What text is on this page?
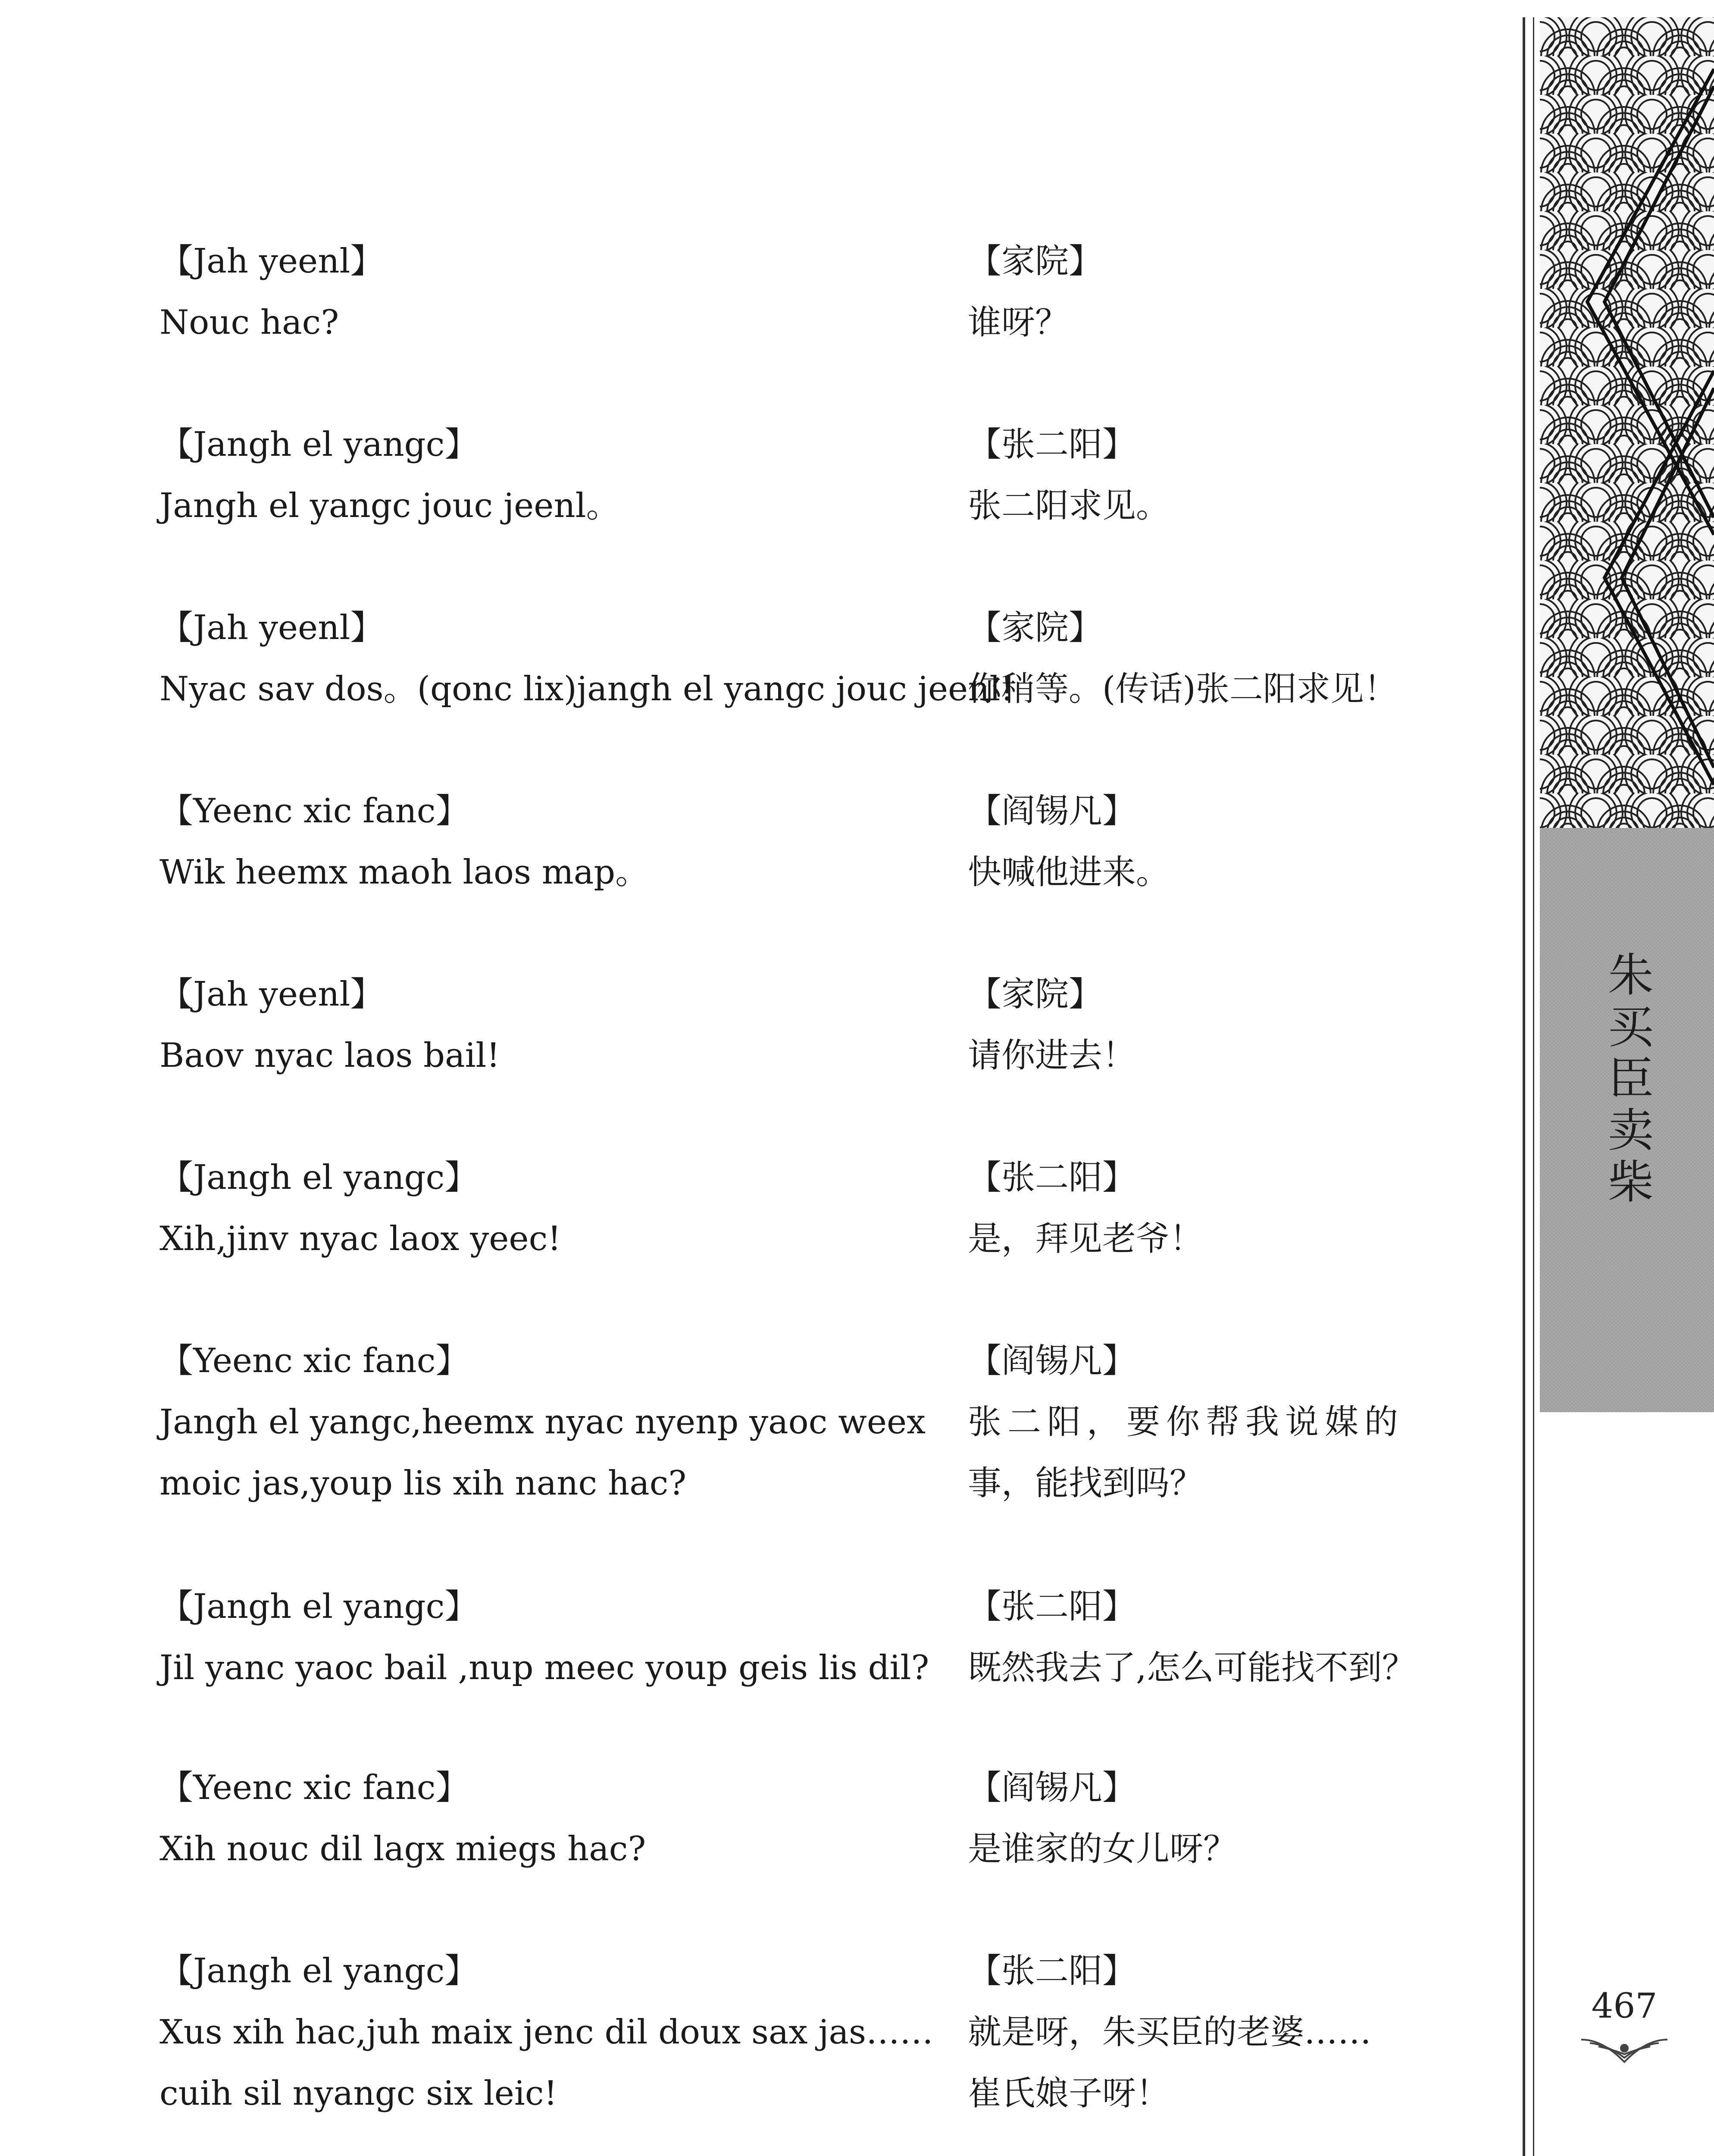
【Jah yeenl】

Nouc hac?

【Jangh el yangc】

Jangh el yangc jouc jeenl。

【Jah yeenl】

Nyac sav dos。(qonc lix)jangh el yangc jouc jeenl!

【Yeenc xic fanc】

Wik heemx maoh laos map。

【Jah yeenl】

Baov nyac laos bail!

【Jangh el yangc】

Xih,jinv nyac laox yeec!

【Yeenc xic fanc】

Jangh el yangc,heemx nyac nyenp yaoc weex

moic jas,youp lis xih nanc hac?

【Jangh el yangc】

Jil yanc yaoc bail ,nup meec youp geis lis dil?

【Yeenc xic fanc】

Xih nouc dil lagx miegs hac?

【Jangh el yangc】

Xus xih hac,juh maix jenc dil doux sax jas……

cuih sil nyangc six leic!

【家院】

谁呀？

【张二阳】

张二阳求见。

【家院】

你稍等。(传话)张二阳求见！

【阎锡凡】

快喊他进来。

【家院】

请你进去！

【张二阳】

是，拜见老爷！

【阎锡凡】

张二阳，要你帮我说媒的

事，能找到吗？

【张二阳】

既然我去了,怎么可能找不到？

【阎锡凡】

是谁家的女儿呀？

【张二阳】

就是呀，朱买臣的老婆……

崔氏娘子呀！

朱买臣卖柴
467
